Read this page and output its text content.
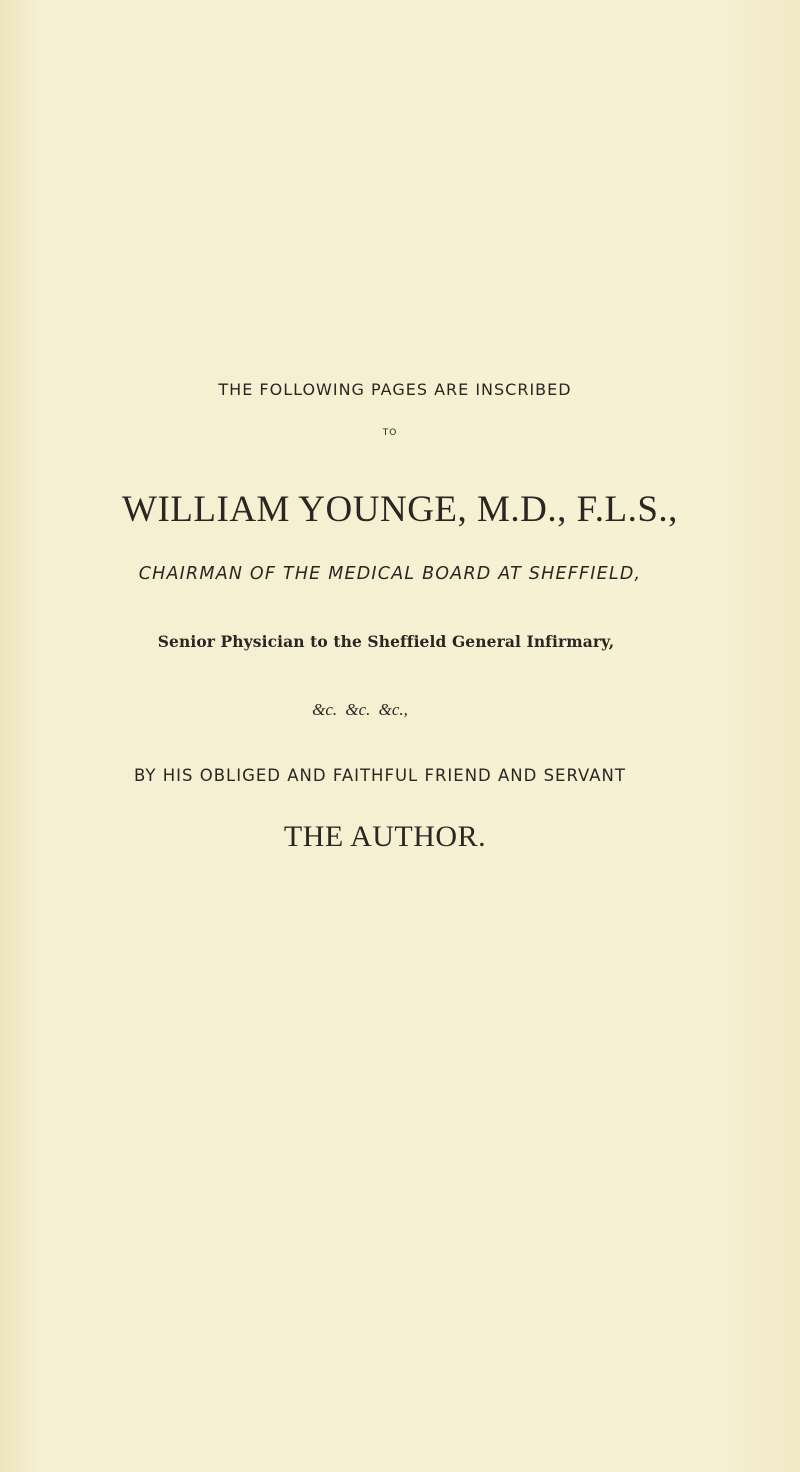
THE FOLLOWING PAGES ARE INSCRIBED
TO
WILLIAM YOUNGE, M.D., F.L.S.,
CHAIRMAN OF THE MEDICAL BOARD AT SHEFFIELD,
Senior Physician to the Sheffield General Infirmary,
&c. &c. &c.,
BY HIS OBLIGED AND FAITHFUL FRIEND AND SERVANT
THE AUTHOR.
